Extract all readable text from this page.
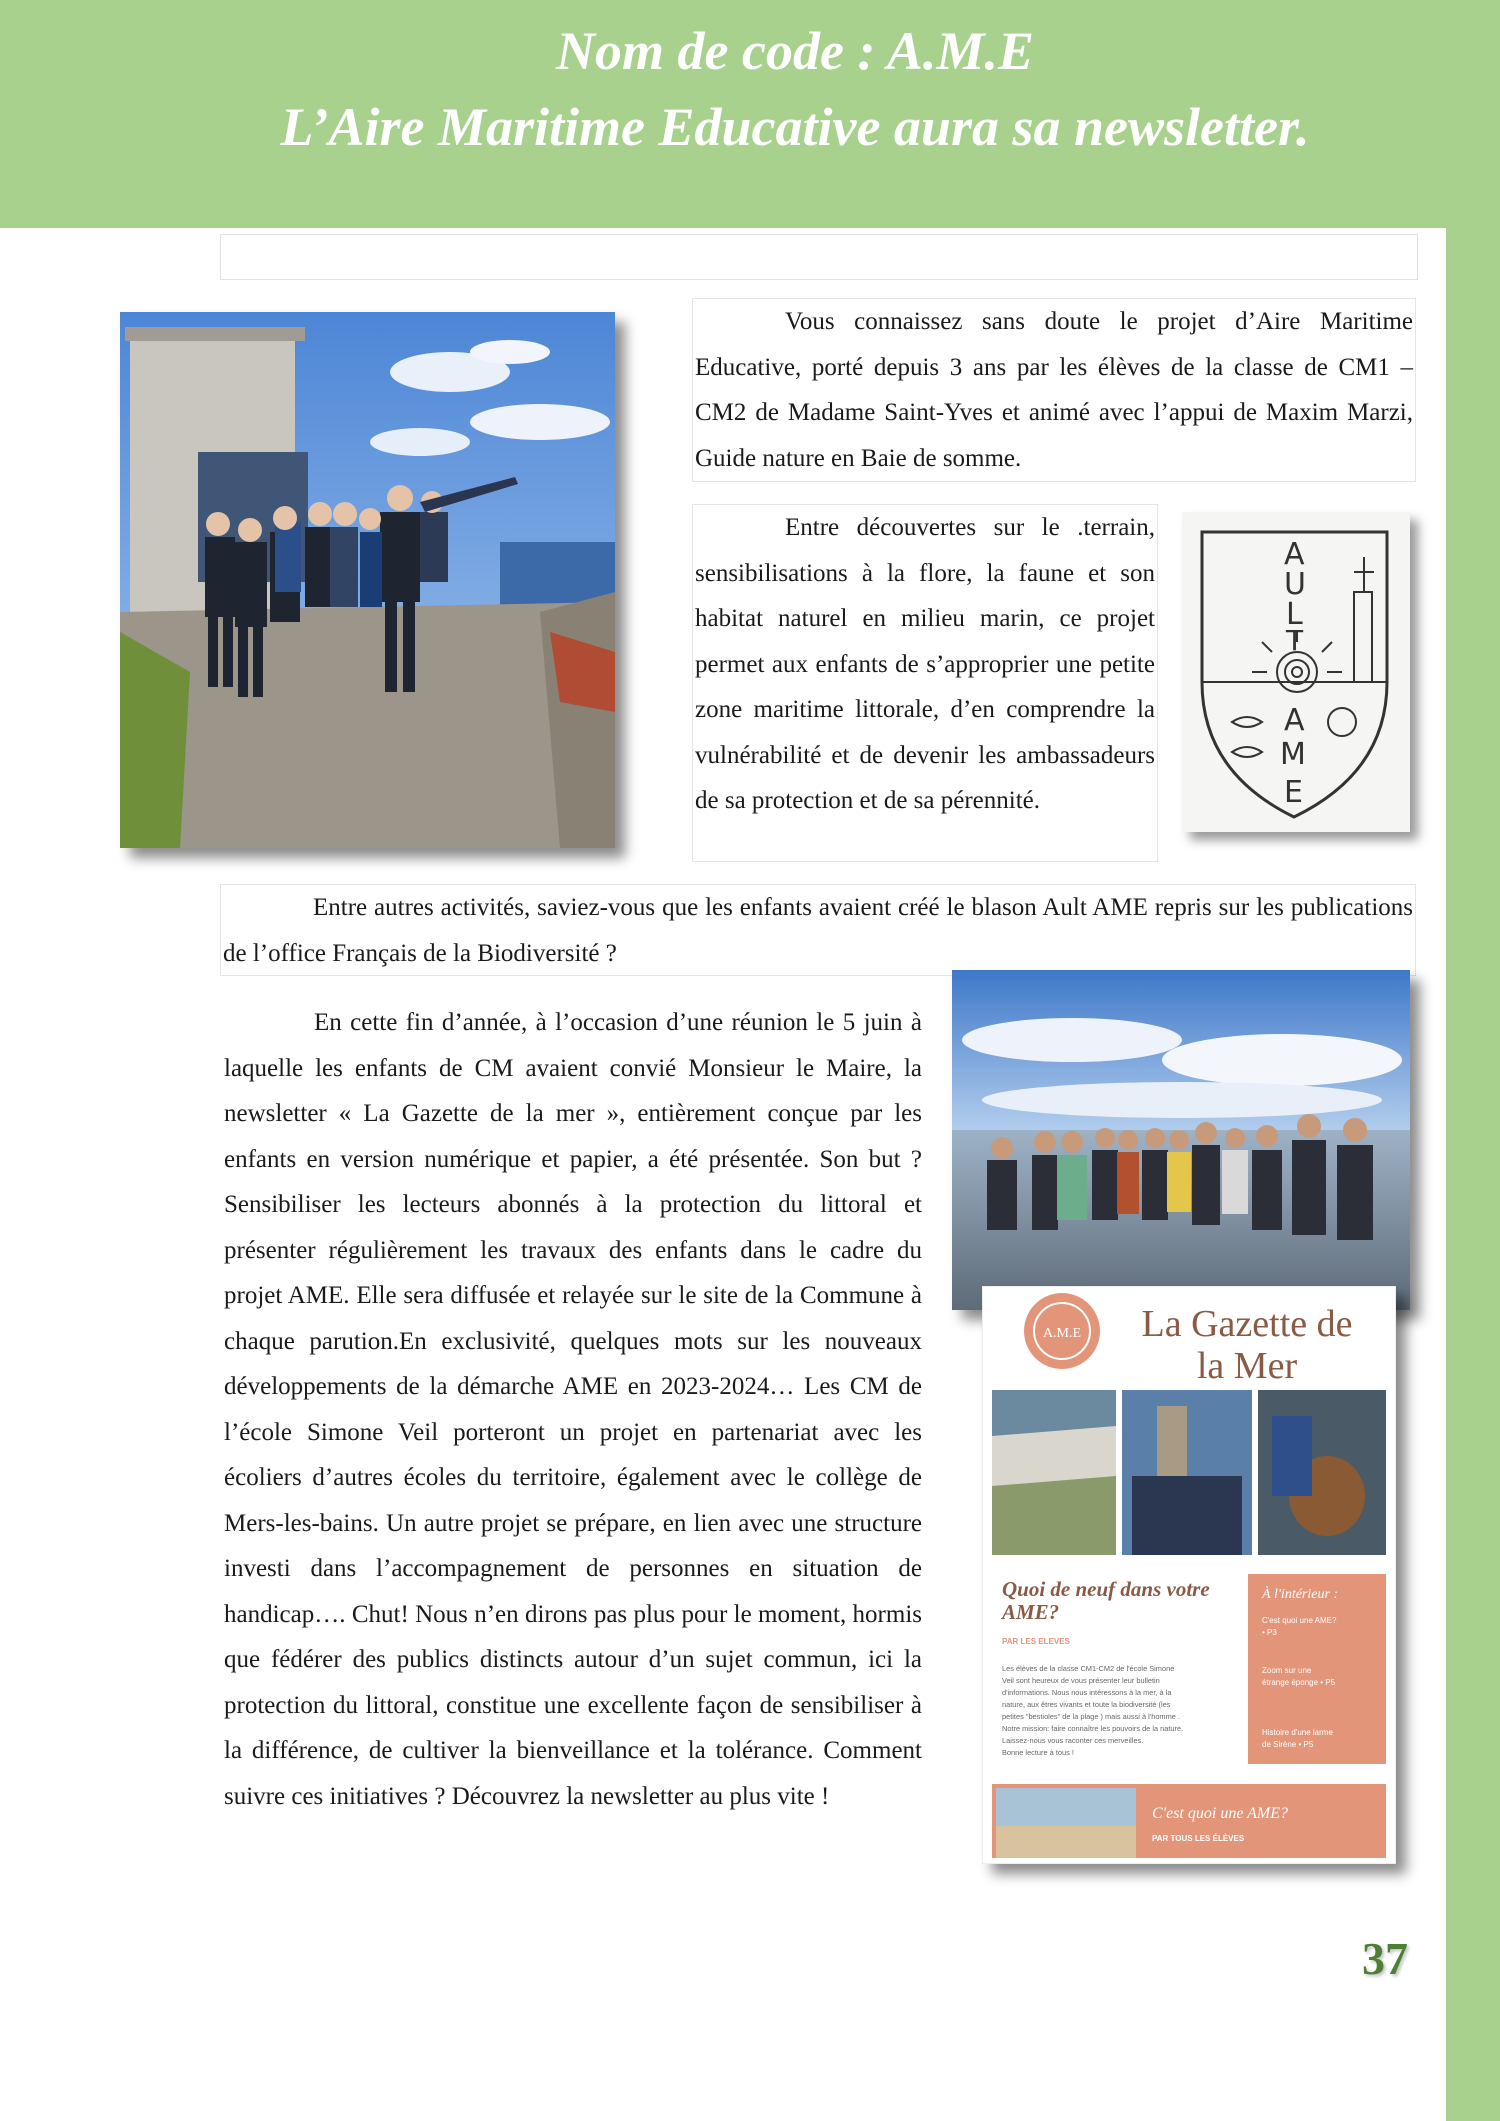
Nom de code : A.M.E
L’Aire Maritime Educative aura sa newsletter.

Vous connaissez sans doute le projet d’Aire Maritime Educative, porté depuis 3 ans par les élèves de la classe de CM1 – CM2 de Madame Saint-Yves et animé avec l’appui de Maxim Marzi, Guide nature en Baie de somme.

Entre découvertes sur le .terrain, sensibilisations à la flore, la faune et son habitat naturel en milieu marin, ce projet permet aux enfants de s’approprier une petite zone maritime littorale, d’en comprendre la vulnérabilité et de devenir les ambassadeurs de sa protection et de sa pérennité.

A
U
L
T
A
M
E

Entre autres activités, saviez-vous que les enfants avaient créé le blason Ault AME repris sur les publications de l’office Français de la Biodiversité ?

En cette fin d’année, à l’occasion d’une réunion le 5 juin à laquelle les enfants de CM avaient convié Monsieur le Maire, la newsletter « La Gazette de la mer », entièrement conçue par les enfants en version numérique et papier, a été présentée. Son but ? Sensibiliser les lecteurs abonnés à la protection du littoral et présenter régulièrement les travaux des enfants dans le cadre du projet AME. Elle sera diffusée et relayée sur le site de la Commune à chaque parution.En exclusivité, quelques mots sur les nouveaux développements de la démarche AME en 2023-2024… Les CM de l’école Simone Veil porteront un projet en partenariat avec les écoliers d’autres écoles du territoire, également avec le collège de Mers-les-bains. Un autre projet se prépare, en lien avec une structure investi dans l’accompagnement de personnes en situation de handicap…. Chut! Nous n’en dirons pas plus pour le moment, hormis que fédérer des publics distincts autour d’un sujet commun, ici la protection du littoral, constitue une excellente façon de sensibiliser à la différence, de cultiver la bienveillance et la tolérance. Comment suivre ces initiatives ? Découvrez la newsletter au plus vite !

A.M.E La Gazette de
la Mer
Quoi de neuf dans votre
AME?
PAR LES ELEVES
Les élèves de la classe CM1-CM2 de l'école Simone
Veil sont heureux de vous présenter leur bulletin
d'informations. Nous nous intéressons à la mer, à la
nature, aux êtres vivants et toute la biodiversité (les
petites "bestioles" de la plage ) mais aussi à l'homme .
Notre mission: faire connaître les pouvoirs de la nature.
Laissez-nous vous raconter ces merveilles.
Bonne lecture à tous !
À l'intérieur :
C'est quoi une AME?
• P3
Zoom sur une
étrange éponge • P5
Histoire d'une larme
de Sirène • P5
C'est quoi une AME?
PAR TOUS LES ÉLÈVES
37
